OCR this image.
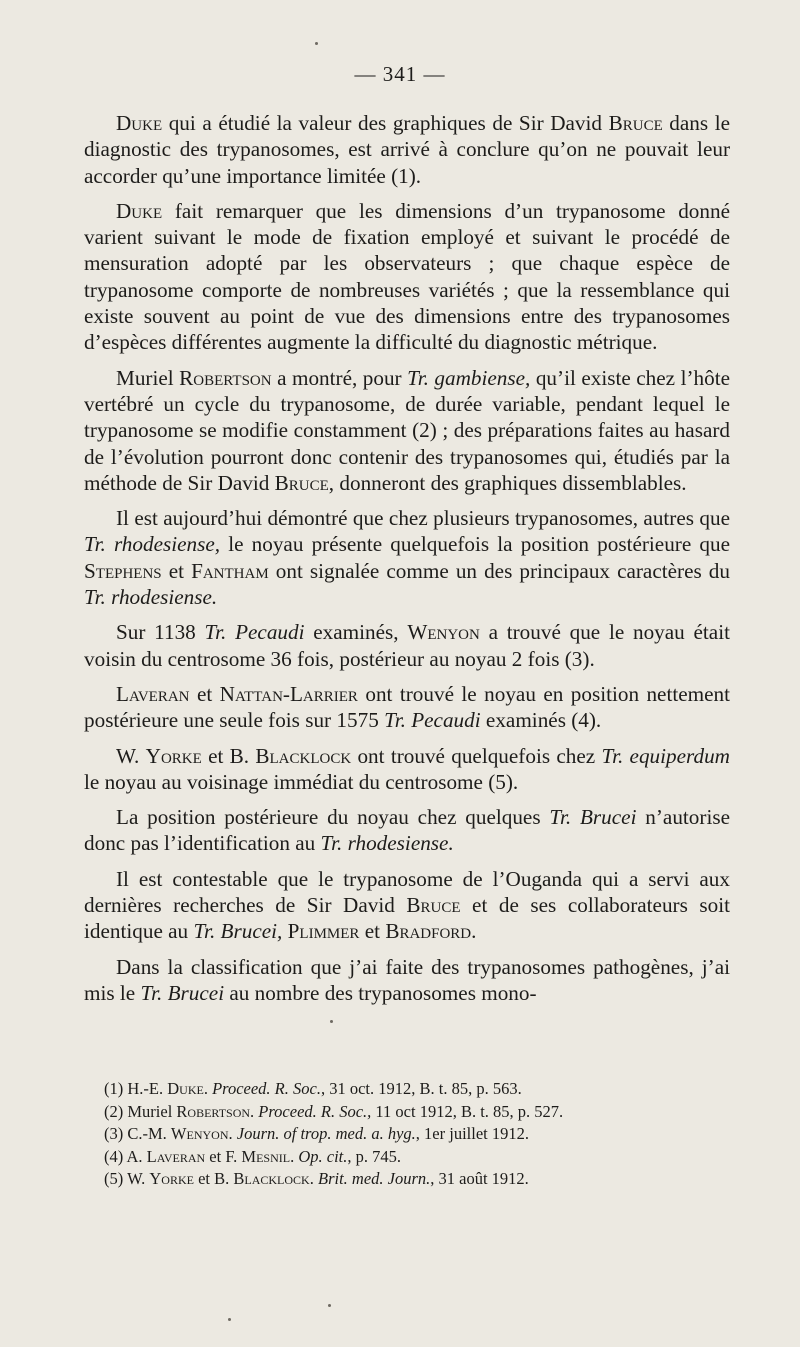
— 341 —

Duke qui a étudié la valeur des graphiques de Sir David Bruce dans le diagnostic des trypanosomes, est arrivé à conclure qu’on ne pouvait leur accorder qu’une importance limitée (1).

Duke fait remarquer que les dimensions d’un trypanosome donné varient suivant le mode de fixation employé et suivant le procédé de mensuration adopté par les observateurs ; que chaque espèce de trypanosome comporte de nombreuses variétés ; que la ressemblance qui existe souvent au point de vue des dimensions entre des trypanosomes d’espèces différentes augmente la difficulté du diagnostic métrique.

Muriel Robertson a montré, pour Tr. gambiense, qu’il existe chez l’hôte vertébré un cycle du trypanosome, de durée variable, pendant lequel le trypanosome se modifie constamment (2) ; des préparations faites au hasard de l’évolution pourront donc contenir des trypanosomes qui, étudiés par la méthode de Sir David Bruce, donneront des graphiques dissemblables.

Il est aujourd’hui démontré que chez plusieurs trypanosomes, autres que Tr. rhodesiense, le noyau présente quelquefois la position postérieure que Stephens et Fantham ont signalée comme un des principaux caractères du Tr. rhodesiense.

Sur 1138 Tr. Pecaudi examinés, Wenyon a trouvé que le noyau était voisin du centrosome 36 fois, postérieur au noyau 2 fois (3).

Laveran et Nattan-Larrier ont trouvé le noyau en position nettement postérieure une seule fois sur 1575 Tr. Pecaudi examinés (4).

W. Yorke et B. Blacklock ont trouvé quelquefois chez Tr. equiperdum le noyau au voisinage immédiat du centrosome (5).

La position postérieure du noyau chez quelques Tr. Brucei n’autorise donc pas l’identification au Tr. rhodesiense.

Il est contestable que le trypanosome de l’Ouganda qui a servi aux dernières recherches de Sir David Bruce et de ses collaborateurs soit identique au Tr. Brucei, Plimmer et Bradford.

Dans la classification que j’ai faite des trypanosomes pathogènes, j’ai mis le Tr. Brucei au nombre des trypanosomes mono-

(1) H.-E. Duke. Proceed. R. Soc., 31 oct. 1912, B. t. 85, p. 563.
(2) Muriel Robertson. Proceed. R. Soc., 11 oct 1912, B. t. 85, p. 527.
(3) C.-M. Wenyon. Journ. of trop. med. a. hyg., 1er juillet 1912.
(4) A. Laveran et F. Mesnil. Op. cit., p. 745.
(5) W. Yorke et B. Blacklock. Brit. med. Journ., 31 août 1912.
